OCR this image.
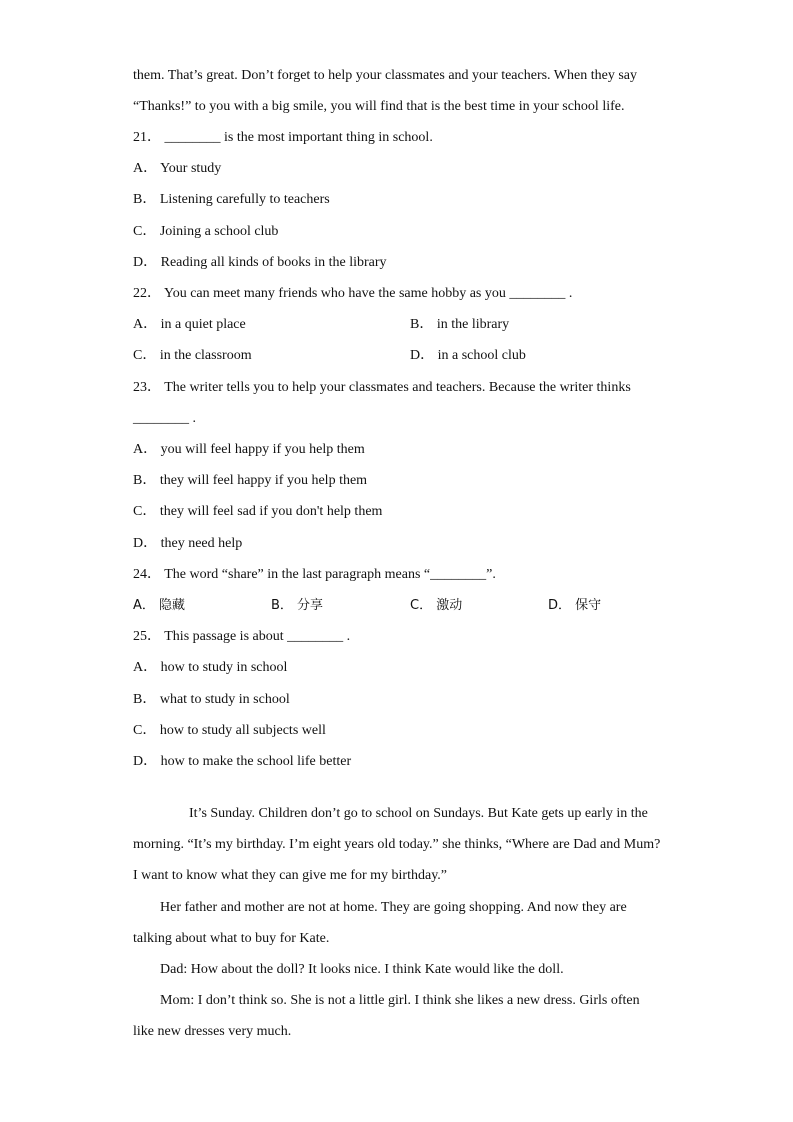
them. That’s great. Don’t forget to help your classmates and your teachers. When they say
“Thanks!” to you with a big smile, you will find that is the best time in your school life.
21． ________ is the most important thing in school.
A． Your study
B． Listening carefully to teachers
C． Joining a school club
D． Reading all kinds of books in the library
22． You can meet many friends who have the same hobby as you ________ .
A． in a quiet place	B． in the library
C． in the classroom	D． in a school club
23． The writer tells you to help your classmates and teachers. Because the writer thinks
________ .
A． you will feel happy if you help them
B． they will feel happy if you help them
C． they will feel sad if you don't help them
D． they need help
24． The word “share” in the last paragraph means “________”.
A． 隐藏	B． 分享	C． 激动	D． 保守
25． This passage is about ________ .
A． how to study in school
B． what to study in school
C． how to study all subjects well
D． how to make the school life better
It’s Sunday. Children don’t go to school on Sundays. But Kate gets up early in the
morning. “It’s my birthday. I’m eight years old today.” she thinks, “Where are Dad and Mum?
I want to know what they can give me for my birthday.”
Her father and mother are not at home. They are going shopping. And now they are
talking about what to buy for Kate.
Dad: How about the doll? It looks nice. I think Kate would like the doll.
Mom: I don’t think so. She is not a little girl. I think she likes a new dress. Girls often
like new dresses very much.
